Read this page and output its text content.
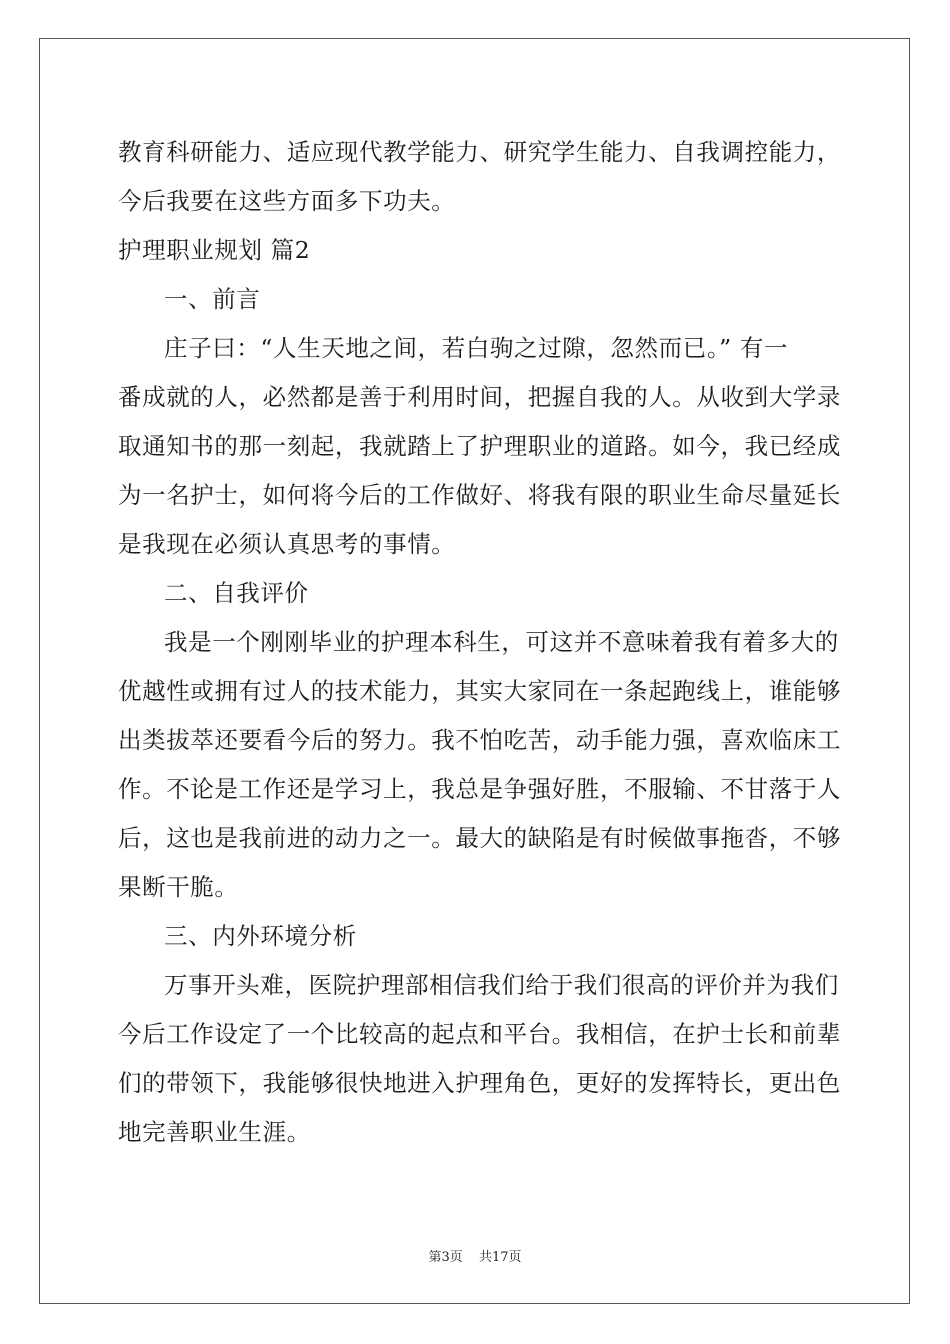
教育科研能力、适应现代教学能力、研究学生能力、自我调控能力，
今后我要在这些方面多下功夫。
护理职业规划 篇2
一、前言
庄子曰：“人生天地之间，若白驹之过隙，忽然而已。” 有一
番成就的人，必然都是善于利用时间，把握自我的人。从收到大学录
取通知书的那一刻起，我就踏上了护理职业的道路。如今，我已经成
为一名护士，如何将今后的工作做好、将我有限的职业生命尽量延长
是我现在必须认真思考的事情。
二、自我评价
我是一个刚刚毕业的护理本科生，可这并不意味着我有着多大的
优越性或拥有过人的技术能力，其实大家同在一条起跑线上，谁能够
出类拔萃还要看今后的努力。我不怕吃苦，动手能力强，喜欢临床工
作。不论是工作还是学习上，我总是争强好胜，不服输、不甘落于人
后，这也是我前进的动力之一。最大的缺陷是有时候做事拖沓，不够
果断干脆。
三、内外环境分析
万事开头难，医院护理部相信我们给于我们很高的评价并为我们
今后工作设定了一个比较高的起点和平台。我相信，在护士长和前辈
们的带领下，我能够很快地进入护理角色，更好的发挥特长，更出色
地完善职业生涯。
第3页 共17页
